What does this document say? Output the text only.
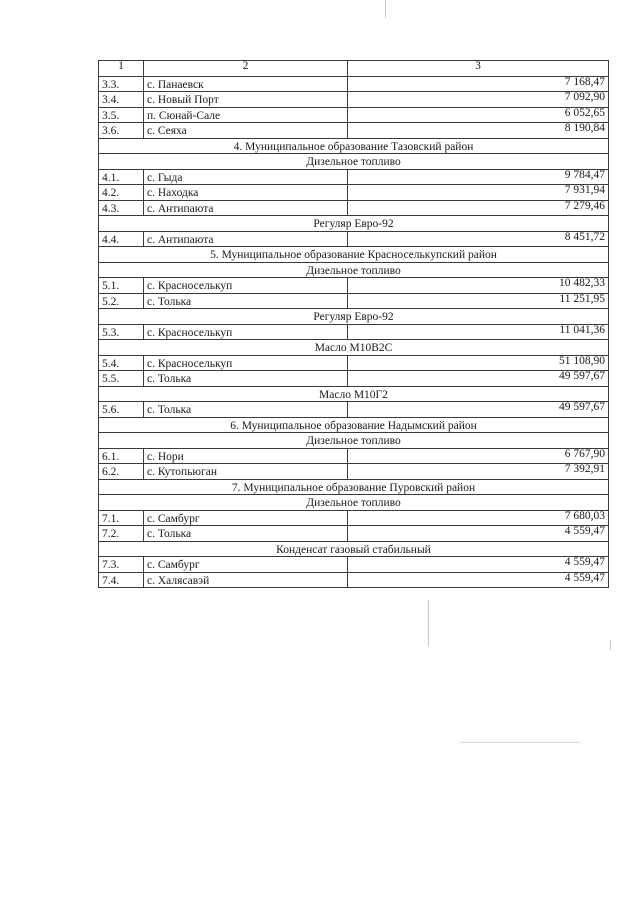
1	2	3
3.3.	с. Панаевск	7 168,47
3.4.	с. Новый Порт	7 092,90
3.5.	п. Сюнай-Сале	6 052,65
3.6.	с. Сеяха	8 190,84
4. Муниципальное образование Тазовский район		
Дизельное топливо		
4.1.	с. Гыда	9 784,47
4.2.	с. Находка	7 931,94
4.3.	с. Антипаюта	7 279,46
Регуляр Евро-92		
4.4.	с. Антипаюта	8 451,72
5. Муниципальное образование Красноселькупский район		
Дизельное топливо		
5.1.	с. Красноселькуп	10 482,33
5.2.	с. Толька	11 251,95
Регуляр Евро-92		
5.3.	с. Красноселькуп	11 041,36
Масло М10В2С		
5.4.	с. Красноселькуп	51 108,90
5.5.	с. Толька	49 597,67
Масло М10Г2		
5.6.	с. Толька	49 597,67
6. Муниципальное образование Надымский район		
Дизельное топливо		
6.1.	с. Нори	6 767,90
6.2.	с. Кутопьюган	7 392,91
7. Муниципальное образование Пуровский район		
Дизельное топливо		
7.1.	с. Самбург	7 680,03
7.2.	с. Толька	4 559,47
Конденсат газовый стабильный		
7.3.	с. Самбург	4 559,47
7.4.	с. Халясавэй	4 559,47
